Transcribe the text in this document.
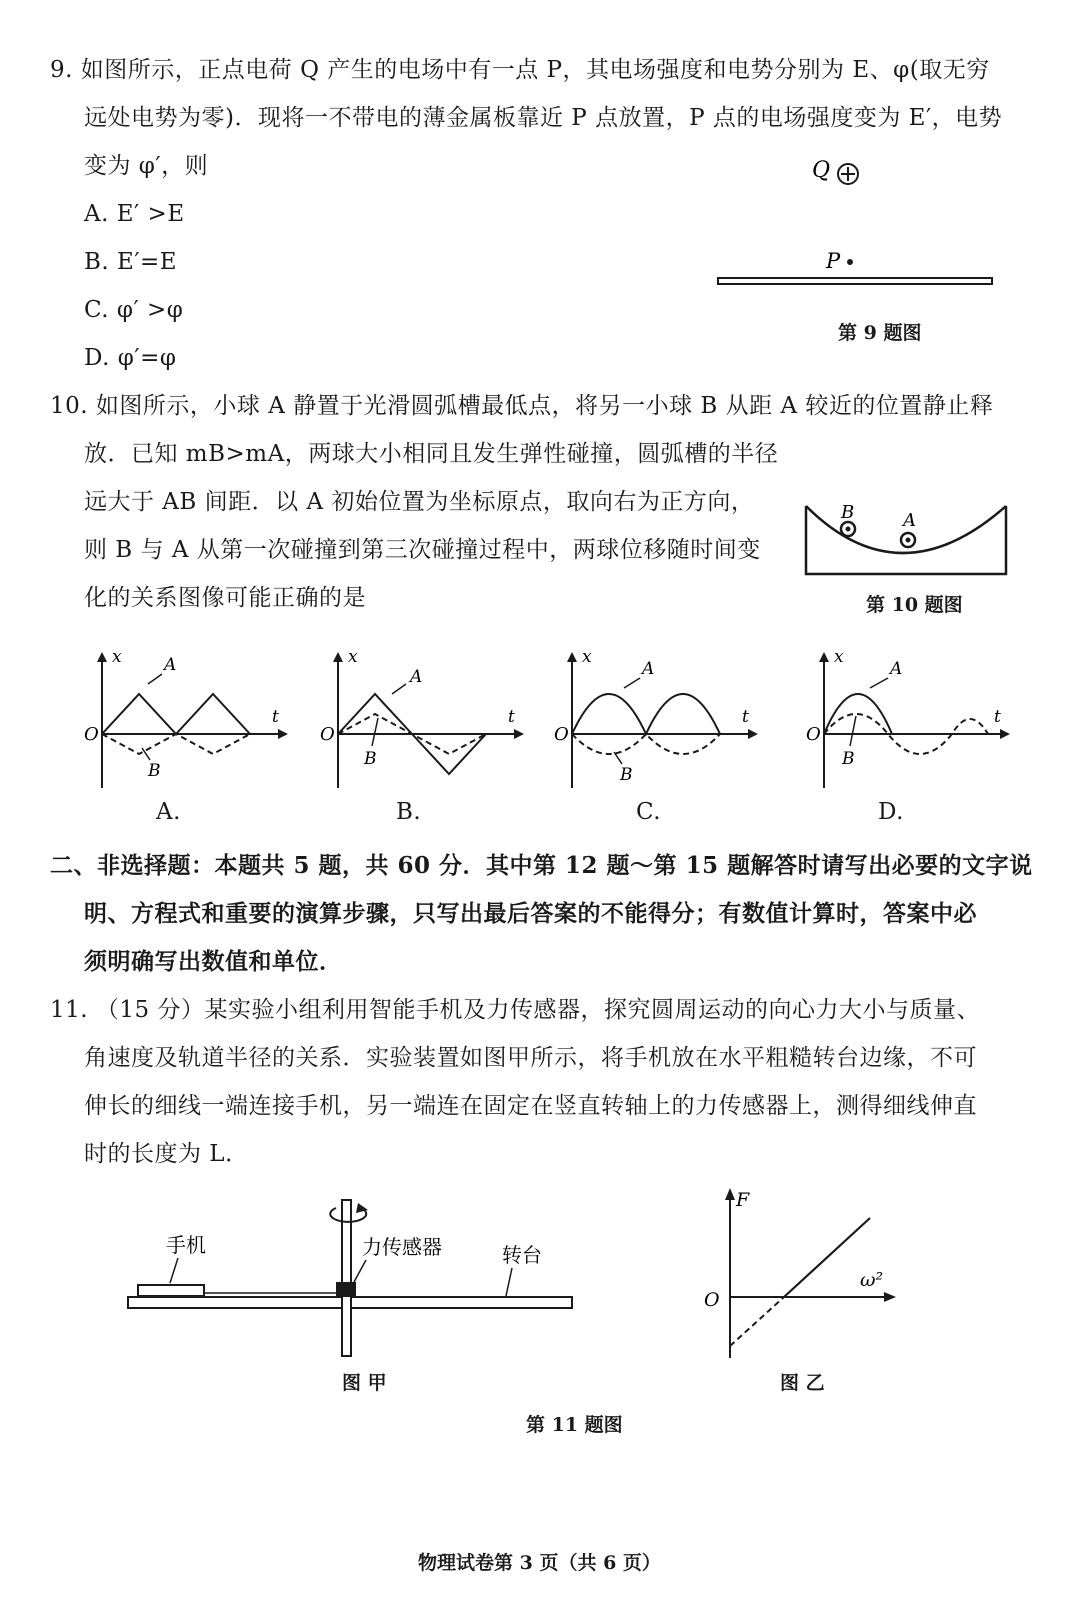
9. 如图所示，正点电荷 Q 产生的电场中有一点 P，其电场强度和电势分别为 E、φ(取无穷
远处电势为零)．现将一不带电的薄金属板靠近 P 点放置，P 点的电场强度变为 E′，电势
变为 φ′，则
A. E′ >E
B. E′=E
C. φ′ >φ
D. φ′=φ
Q
P
第 9 题图
10. 如图所示，小球 A 静置于光滑圆弧槽最低点，将另一小球 B 从距 A 较近的位置静止释
放．已知 mB>mA，两球大小相同且发生弹性碰撞，圆弧槽的半径
远大于 AB 间距．以 A 初始位置为坐标原点，取向右为正方向，
则 B 与 A 从第一次碰撞到第三次碰撞过程中，两球位移随时间变
化的关系图像可能正确的是
B	A
第 10 题图
x
t
O
A
B
A.
x
t
O
A
B
B.
x
t
O
A
B
C.
x
t
O
A
B
D.
二、非选择题：本题共 5 题，共 60 分．其中第 12 题～第 15 题解答时请写出必要的文字说
明、方程式和重要的演算步骤，只写出最后答案的不能得分；有数值计算时，答案中必
须明确写出数值和单位．
11. （15 分）某实验小组利用智能手机及力传感器，探究圆周运动的向心力大小与质量、
角速度及轨道半径的关系．实验装置如图甲所示，将手机放在水平粗糙转台边缘，不可
伸长的细线一端连接手机，另一端连在固定在竖直转轴上的力传感器上，测得细线伸直
时的长度为 L．
手机	力传感器	转台
图 甲
F
ω²
O
图 乙
第 11 题图
物理试卷第 3 页（共 6 页）
